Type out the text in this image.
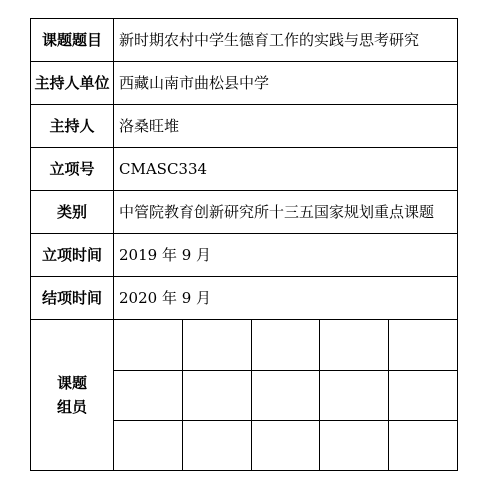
课题题目	新时期农村中学生德育工作的实践与思考研究
主持人单位	西藏山南市曲松县中学
主持人	洛桑旺堆
立项号	CMASC334
类别	中管院教育创新研究所十三五国家规划重点课题
立项时间	2019 年 9 月
结项时间	2020 年 9 月

课题
组员
